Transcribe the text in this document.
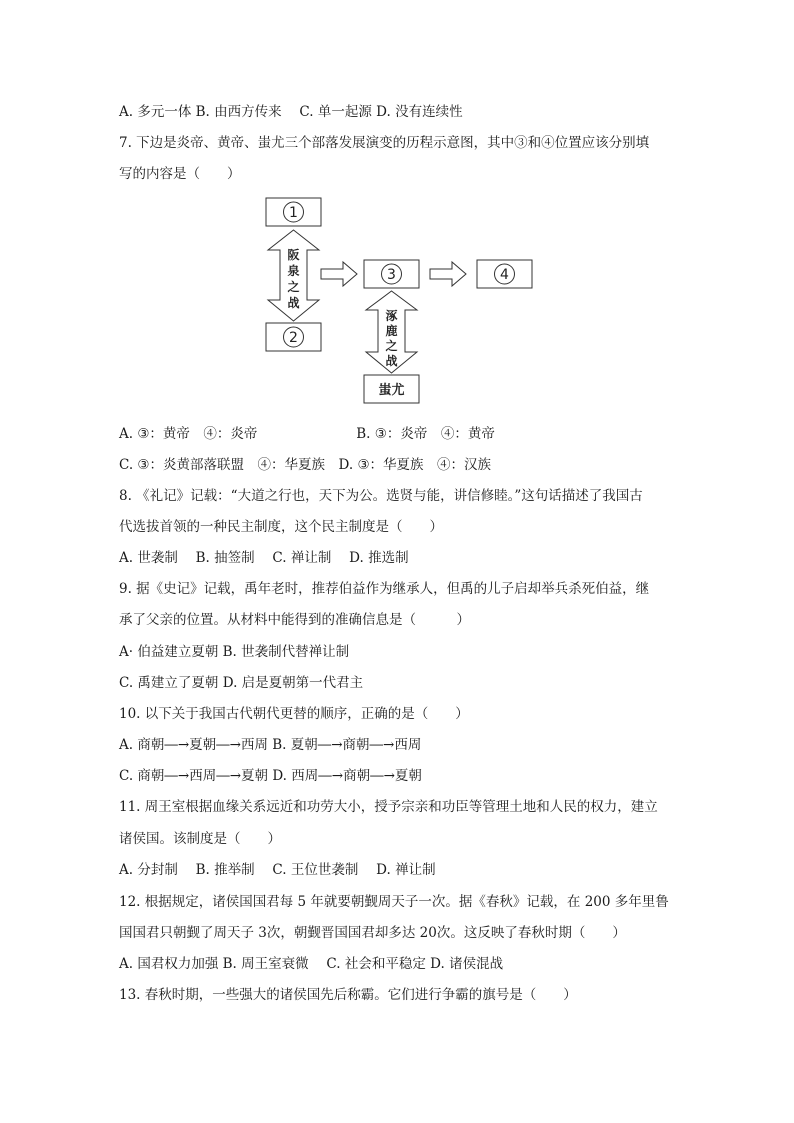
A. 多元一体 B. 由西方传来　 C. 单一起源 D. 没有连续性
7. 下边是炎帝、黄帝、蚩尤三个部落发展演变的历程示意图，其中③和④位置应该分别填
写的内容是（　　）
1
2
3	4
蚩尤
阪
泉
之
战
涿
鹿
之
战
A. ③：黄帝　④：炎帝　　　　　　　 B. ③：炎帝　④：黄帝
C. ③：炎黄部落联盟　④：华夏族　D. ③：华夏族　④：汉族
8. 《礼记》记载：“大道之行也，天下为公。选贤与能，讲信修睦。”这句话描述了我国古
代选拔首领的一种民主制度，这个民主制度是（　　）
A. 世袭制　 B. 抽签制　 C. 禅让制　 D. 推选制
9. 据《史记》记载，禹年老时，推荐伯益作为继承人，但禹的儿子启却举兵杀死伯益，继
承了父亲的位置。从材料中能得到的准确信息是（　　　）
A· 伯益建立夏朝 B. 世袭制代替禅让制
C. 禹建立了夏朝 D. 启是夏朝第一代君主
10. 以下关于我国古代朝代更替的顺序，正确的是（　　）
A. 商朝―→夏朝―→西周 B. 夏朝―→商朝―→西周
C. 商朝―→西周―→夏朝 D. 西周―→商朝―→夏朝
11. 周王室根据血缘关系远近和功劳大小，授予宗亲和功臣等管理土地和人民的权力，建立
诸侯国。该制度是（　　）
A. 分封制　 B. 推举制　 C. 王位世袭制　 D. 禅让制
12. 根据规定，诸侯国国君每 5 年就要朝觐周天子一次。据《春秋》记载，在 200 多年里鲁
国国君只朝觐了周天子 3次，朝觐晋国国君却多达 20次。这反映了春秋时期（　　）
A. 国君权力加强 B. 周王室衰微　 C. 社会和平稳定 D. 诸侯混战
13. 春秋时期，一些强大的诸侯国先后称霸。它们进行争霸的旗号是（　　）
